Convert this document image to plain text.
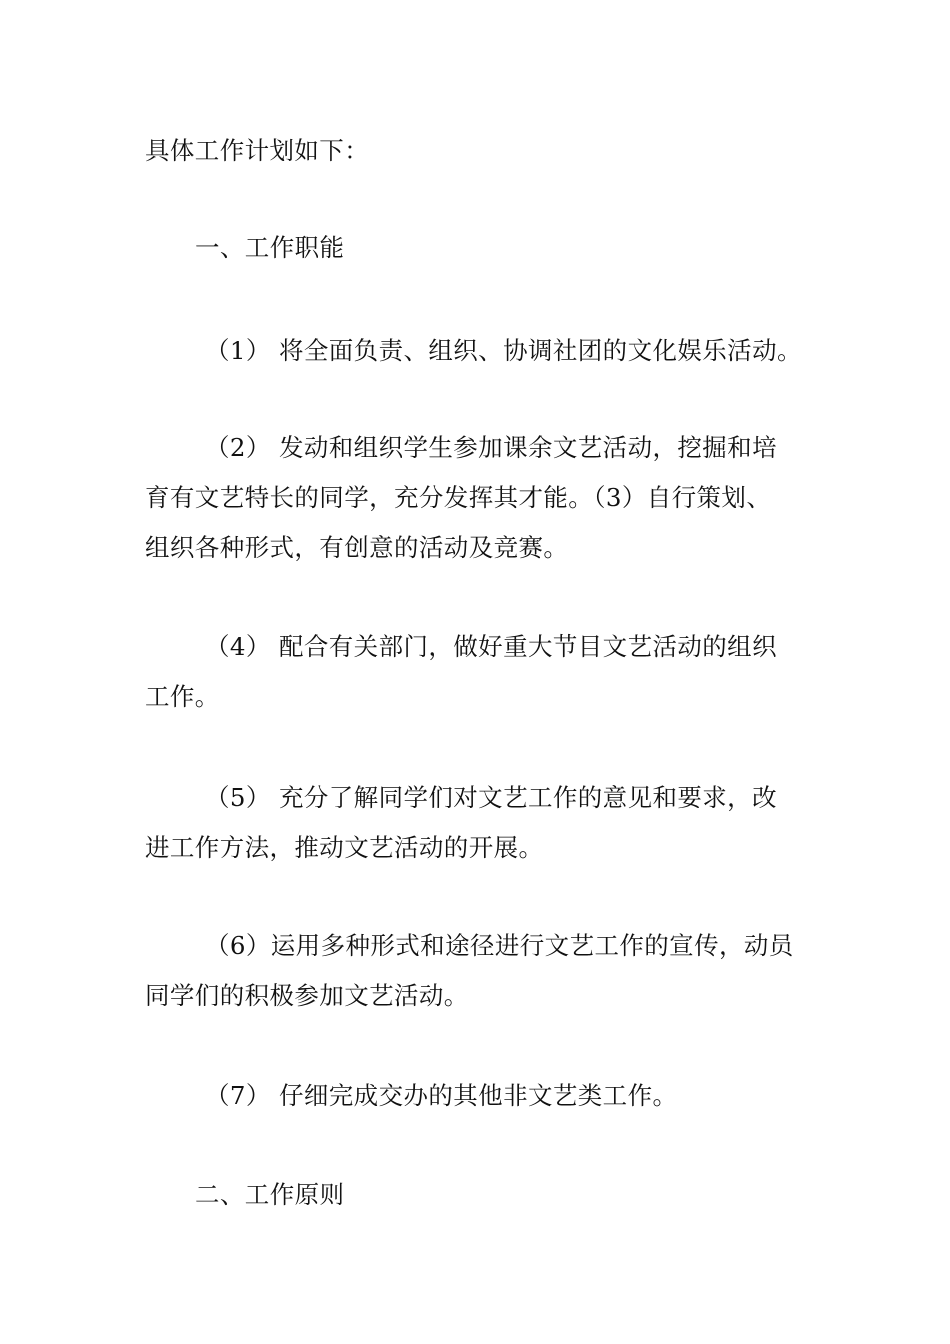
具体工作计划如下：

一、工作职能

（1） 将全面负责、组织、协调社团的文化娱乐活动。

（2） 发动和组织学生参加课余文艺活动，挖掘和培

育有文艺特长的同学，充分发挥其才能。（3）自行策划、

组织各种形式，有创意的活动及竞赛。

（4） 配合有关部门，做好重大节目文艺活动的组织

工作。

（5） 充分了解同学们对文艺工作的意见和要求，改

进工作方法，推动文艺活动的开展。

（6）运用多种形式和途径进行文艺工作的宣传，动员

同学们的积极参加文艺活动。

（7） 仔细完成交办的其他非文艺类工作。

二、工作原则
